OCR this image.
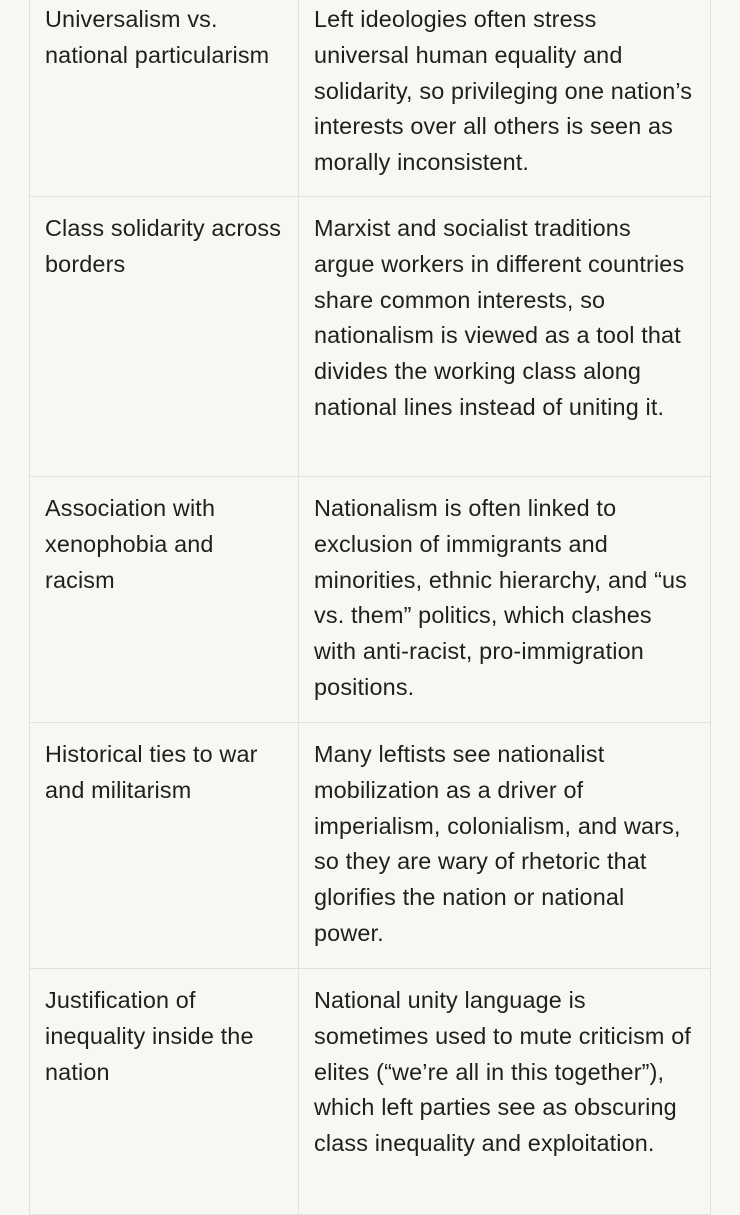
Universalism vs. national particularism	Left ideologies often stress universal human equality and solidarity, so privileging one nation’s interests over all others is seen as morally inconsistent.

Class solidarity across borders	Marxist and socialist traditions argue workers in different countries share common interests, so nationalism is viewed as a tool that divides the working class along national lines instead of uniting it.

Association with xenophobia and racism	Nationalism is often linked to exclusion of immigrants and minorities, ethnic hierarchy, and “us vs. them” politics, which clashes with anti-racist, pro-immigration positions.

Historical ties to war and militarism	Many leftists see nationalist mobilization as a driver of imperialism, colonialism, and wars, so they are wary of rhetoric that glorifies the nation or national power.

Justification of inequality inside the nation	National unity language is sometimes used to mute criticism of elites (“we’re all in this together”), which left parties see as obscuring class inequality and exploitation.
